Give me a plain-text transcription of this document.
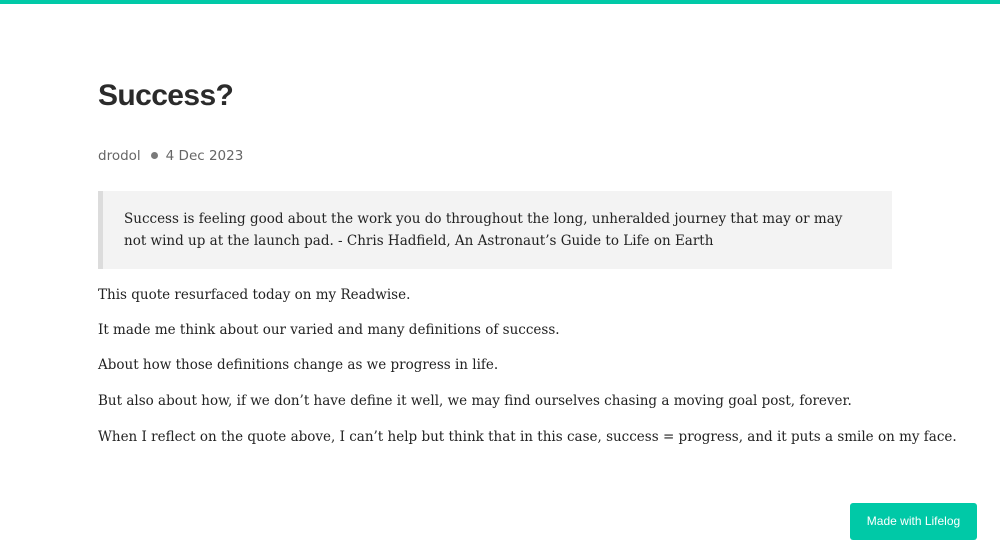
Success?
drodol 4 Dec 2023
Success is feeling good about the work you do throughout the long, unheralded journey that may or may not wind up at the launch pad. - Chris Hadfield, An Astronaut’s Guide to Life on Earth

This quote resurfaced today on my Readwise.

It made me think about our varied and many definitions of success.

About how those definitions change as we progress in life.

But also about how, if we don’t have define it well, we may find ourselves chasing a moving goal post, forever.

When I reflect on the quote above, I can’t help but think that in this case, success = progress, and it puts a smile on my face.

Made with Lifelog
